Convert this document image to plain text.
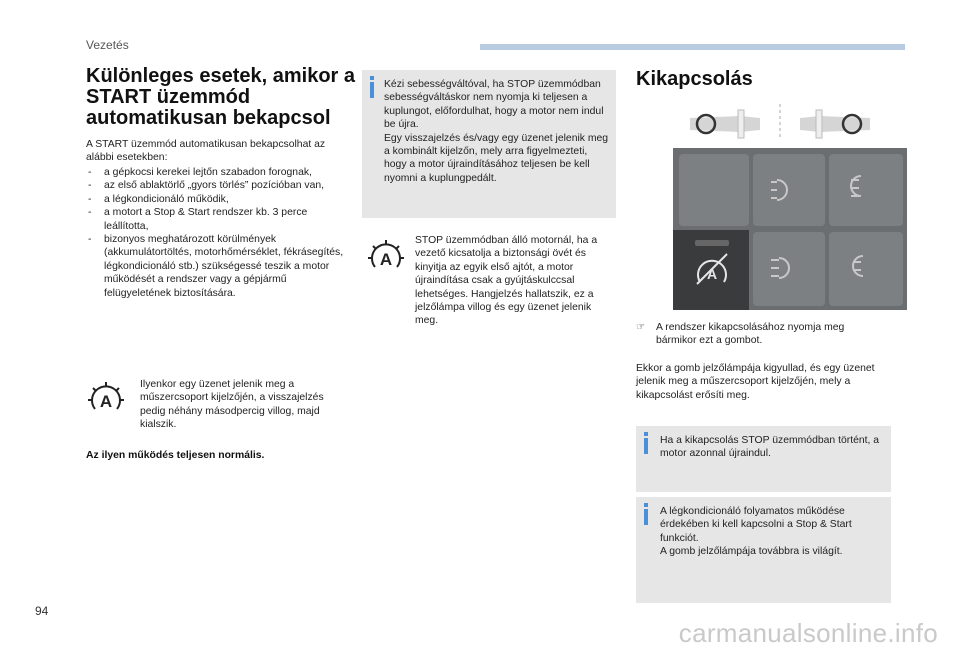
Vezetés
Különleges esetek, amikor a START üzemmód automatikusan bekapcsol
A START üzemmód automatikusan bekapcsolhat az alábbi esetekben:
- a gépkocsi kerekei lejtőn szabadon forognak,
- az első ablaktörlő „gyors törlés” pozícióban van,
- a légkondicionáló működik,
- a motort a Stop & Start rendszer kb. 3 perce leállította,
- bizonyos meghatározott körülmények (akkumulátortöltés, motorhőmérséklet, fékrásegítés, légkondicionáló stb.) szükségessé teszik a motor működését a rendszer vagy a gépjármű felügyeletének biztosítására.
A
Ilyenkor egy üzenet jelenik meg a műszercsoport kijelzőjén, a visszajelzés pedig néhány másodpercig villog, majd kialszik.
Az ilyen működés teljesen normális.
Kézi sebességváltóval, ha STOP üzemmódban sebességváltáskor nem nyomja ki teljesen a kuplungot, előfordulhat, hogy a motor nem indul be újra.
Egy visszajelzés és/vagy egy üzenet jelenik meg a kombinált kijelzőn, mely arra figyelmezteti, hogy a motor újraindításához teljesen be kell nyomni a kuplungpedált.
A
STOP üzemmódban álló motornál, ha a vezető kicsatolja a biztonsági övét és kinyitja az egyik első ajtót, a motor újraindítása csak a gyújtáskulccsal lehetséges. Hangjelzés hallatszik, ez a jelzőlámpa villog és egy üzenet jelenik meg.
Kikapcsolás
A
☞ A rendszer kikapcsolásához nyomja meg bármikor ezt a gombot.
Ekkor a gomb jelzőlámpája kigyullad, és egy üzenet jelenik meg a műszercsoport kijelzőjén, mely a kikapcsolást erősíti meg.
Ha a kikapcsolás STOP üzemmódban történt, a motor azonnal újraindul.
A légkondicionáló folyamatos működése érdekében ki kell kapcsolni a Stop & Start funkciót.
A gomb jelzőlámpája továbbra is világít.
94
carmanualsonline.info
